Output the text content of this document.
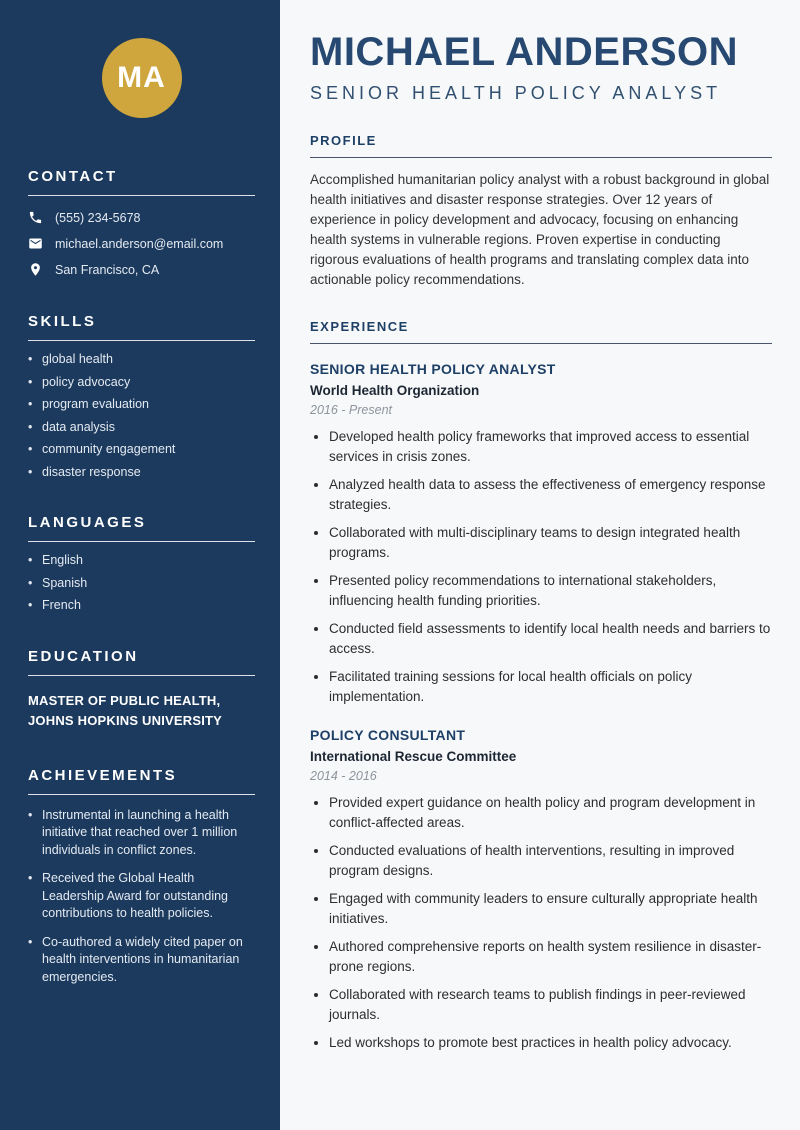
MA
CONTACT
(555) 234-5678
michael.anderson@email.com
San Francisco, CA
SKILLS
• global health
• policy advocacy
• program evaluation
• data analysis
• community engagement
• disaster response
LANGUAGES
• English
• Spanish
• French
EDUCATION
MASTER OF PUBLIC HEALTH, JOHNS HOPKINS UNIVERSITY
ACHIEVEMENTS
• Instrumental in launching a health initiative that reached over 1 million individuals in conflict zones.
• Received the Global Health Leadership Award for outstanding contributions to health policies.
• Co-authored a widely cited paper on health interventions in humanitarian emergencies.
MICHAEL ANDERSON
SENIOR HEALTH POLICY ANALYST
PROFILE

Accomplished humanitarian policy analyst with a robust background in global health initiatives and disaster response strategies. Over 12 years of experience in policy development and advocacy, focusing on enhancing health systems in vulnerable regions. Proven expertise in conducting rigorous evaluations of health programs and translating complex data into actionable policy recommendations.

EXPERIENCE
SENIOR HEALTH POLICY ANALYST
World Health Organization
2016 - Present
• Developed health policy frameworks that improved access to essential services in crisis zones.
• Analyzed health data to assess the effectiveness of emergency response strategies.
• Collaborated with multi-disciplinary teams to design integrated health programs.
• Presented policy recommendations to international stakeholders, influencing health funding priorities.
• Conducted field assessments to identify local health needs and barriers to access.
• Facilitated training sessions for local health officials on policy implementation.
POLICY CONSULTANT
International Rescue Committee
2014 - 2016
• Provided expert guidance on health policy and program development in conflict-affected areas.
• Conducted evaluations of health interventions, resulting in improved program designs.
• Engaged with community leaders to ensure culturally appropriate health initiatives.
• Authored comprehensive reports on health system resilience in disaster-prone regions.
• Collaborated with research teams to publish findings in peer-reviewed journals.
• Led workshops to promote best practices in health policy advocacy.
